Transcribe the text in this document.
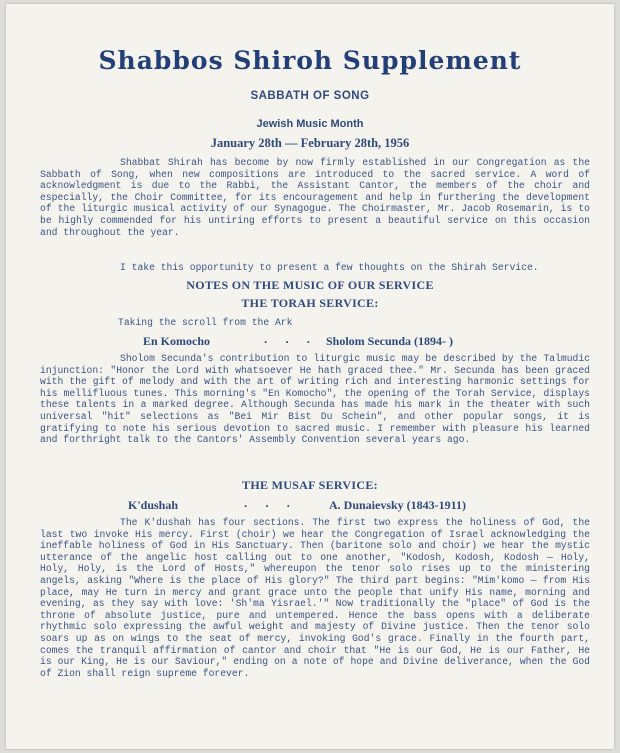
Shabbos Shiroh Supplement
SABBATH OF SONG
Jewish Music Month
January 28th — February 28th, 1956

Shabbat Shirah has become by now firmly established in our Congregation as the Sabbath of Song, when new compositions are introduced to the sacred service. A word of acknowledgment is due to the Rabbi, the Assistant Cantor, the members of the choir and especially, the Choir Committee, for its encouragement and help in furthering the development of the liturgic musical activity of our Synagogue. The Choirmaster, Mr. Jacob Rosemarin, is to be highly commended for his untiring efforts to present a beautiful service on this occasion and throughout the year.

I take this opportunity to present a few thoughts on the Shirah Service.

NOTES ON THE MUSIC OF OUR SERVICE
THE TORAH SERVICE:
Taking the scroll from the Ark
En Komocho	...
Sholom Secunda (1894- )

Sholom Secunda's contribution to liturgic music may be described by the Talmudic injunction: "Honor the Lord with whatsoever He hath graced thee." Mr. Secunda has been graced with the gift of melody and with the art of writing rich and interesting harmonic settings for his mellifluous tunes. This morning's "En Komocho", the opening of the Torah Service, displays these talents in a marked degree. Although Secunda has made his mark in the theater with such universal "hit" selections as "Bei Mir Bist Du Schein", and other popular songs, it is gratifying to note his serious devotion to sacred music. I remember with pleasure his learned and forthright talk to the Cantors' Assembly Convention several years ago.

THE MUSAF SERVICE:
K'dushah	... A. Dunaievsky (1843-1911)

The K'dushah has four sections. The first two express the holiness of God, the last two invoke His mercy. First (choir) we hear the Congregation of Israel acknowledging the ineffable holiness of God in His Sanctuary. Then (baritone solo and choir) we hear the mystic utterance of the angelic host calling out to one another, "Kodosh, Kodosh, Kodosh — Holy, Holy, Holy, is the Lord of Hosts," whereupon the tenor solo rises up to the ministering angels, asking "Where is the place of His glory?" The third part begins: "Mim'komo — from His place, may He turn in mercy and grant grace unto the people that unify His name, morning and evening, as they say with love: 'Sh'ma Yisrael.'" Now traditionally the "place" of God is the throne of absolute justice, pure and untempered. Hence the bass opens with a deliberate rhythmic solo expressing the awful weight and majesty of Divine justice. Then the tenor solo soars up as on wings to the seat of mercy, invoking God's grace. Finally in the fourth part, comes the tranquil affirmation of cantor and choir that "He is our God, He is our Father, He is our King, He is our Saviour," ending on a note of hope and Divine deliverance, when the God of Zion shall reign supreme forever.
